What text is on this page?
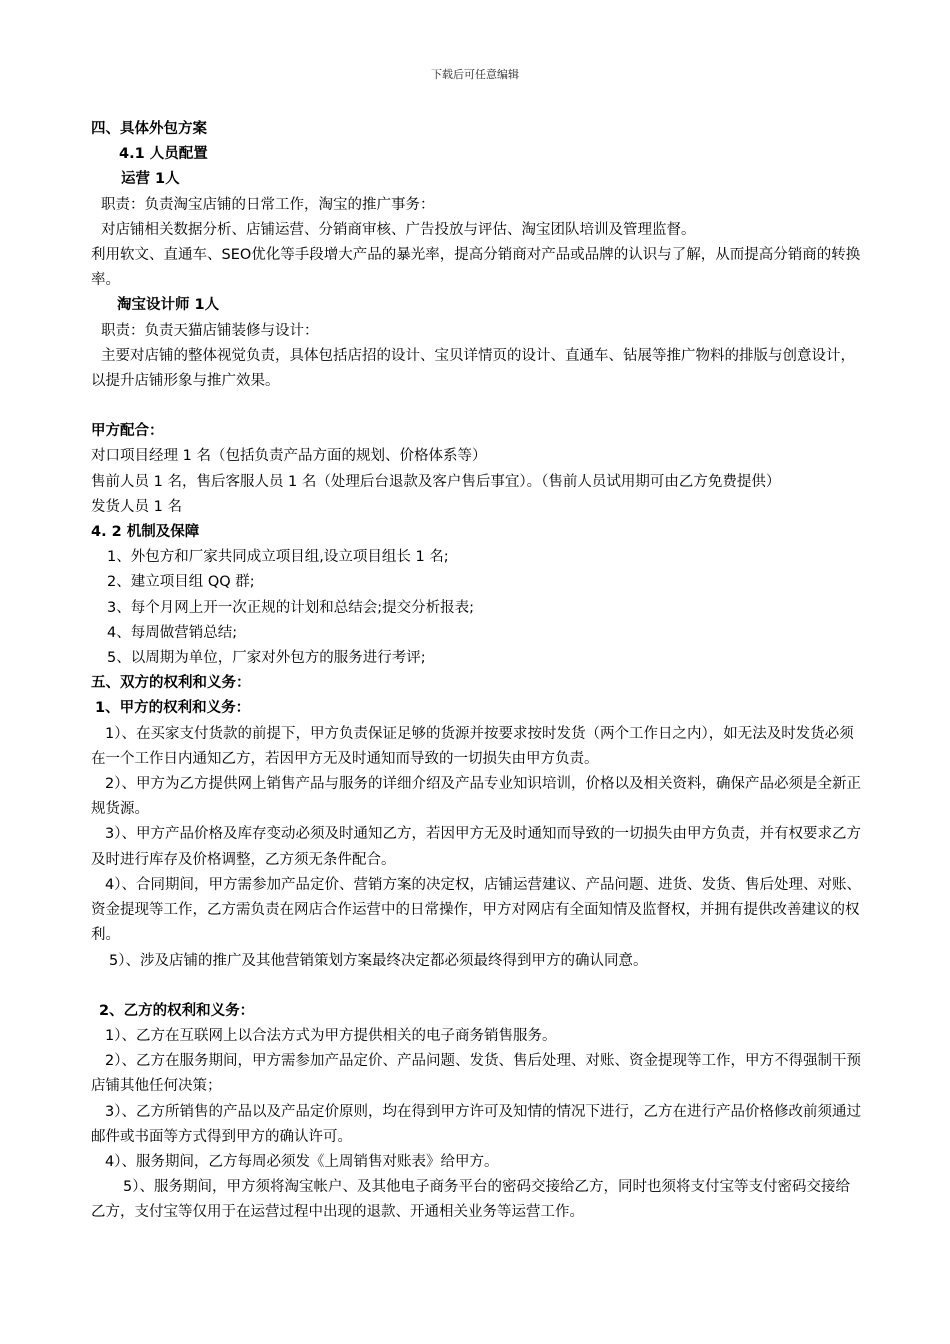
下载后可任意编辑

四、具体外包方案

4.1 人员配置

运营 1人

职责：负责淘宝店铺的日常工作，淘宝的推广事务：

对店铺相关数据分析、店铺运营、分销商审核、广告投放与评估、淘宝团队培训及管理监督。

利用软文、直通车、SEO优化等手段增大产品的暴光率，提高分销商对产品或品牌的认识与了解，从而提高分销商的转换率。

淘宝设计师 1人

职责：负责天猫店铺装修与设计：

主要对店铺的整体视觉负责，具体包括店招的设计、宝贝详情页的设计、直通车、钻展等推广物料的排版与创意设计，以提升店铺形象与推广效果。

甲方配合：

对口项目经理 1 名（包括负责产品方面的规划、价格体系等）

售前人员 1 名，售后客服人员 1 名（处理后台退款及客户售后事宜）。（售前人员试用期可由乙方免费提供）

发货人员 1 名

4. 2 机制及保障

1、外包方和厂家共同成立项目组,设立项目组长 1 名;

2、建立项目组 QQ 群;

3、每个月网上开一次正规的计划和总结会;提交分析报表;

4、每周做营销总结;

5、以周期为单位，厂家对外包方的服务进行考评;

五、双方的权利和义务：

1、甲方的权利和义务：

1）、在买家支付货款的前提下，甲方负责保证足够的货源并按要求按时发货（两个工作日之内），如无法及时发货必须在一个工作日内通知乙方，若因甲方无及时通知而导致的一切损失由甲方负责。

2）、甲方为乙方提供网上销售产品与服务的详细介绍及产品专业知识培训，价格以及相关资料，确保产品必须是全新正规货源。

3）、甲方产品价格及库存变动必须及时通知乙方，若因甲方无及时通知而导致的一切损失由甲方负责，并有权要求乙方及时进行库存及价格调整，乙方须无条件配合。

4）、合同期间，甲方需参加产品定价、营销方案的决定权，店铺运营建议、产品问题、进货、发货、售后处理、对账、资金提现等工作，乙方需负责在网店合作运营中的日常操作，甲方对网店有全面知情及监督权，并拥有提供改善建议的权利。

5）、涉及店铺的推广及其他营销策划方案最终决定都必须最终得到甲方的确认同意。

2、乙方的权利和义务：

1）、乙方在互联网上以合法方式为甲方提供相关的电子商务销售服务。

2）、乙方在服务期间，甲方需参加产品定价、产品问题、发货、售后处理、对账、资金提现等工作，甲方不得强制干预店铺其他任何决策；

3）、乙方所销售的产品以及产品定价原则，均在得到甲方许可及知情的情况下进行，乙方在进行产品价格修改前须通过邮件或书面等方式得到甲方的确认许可。

4）、服务期间，乙方每周必须发《上周销售对账表》给甲方。

5）、服务期间，甲方须将淘宝帐户、及其他电子商务平台的密码交接给乙方，同时也须将支付宝等支付密码交接给乙方，支付宝等仅用于在运营过程中出现的退款、开通相关业务等运营工作。
